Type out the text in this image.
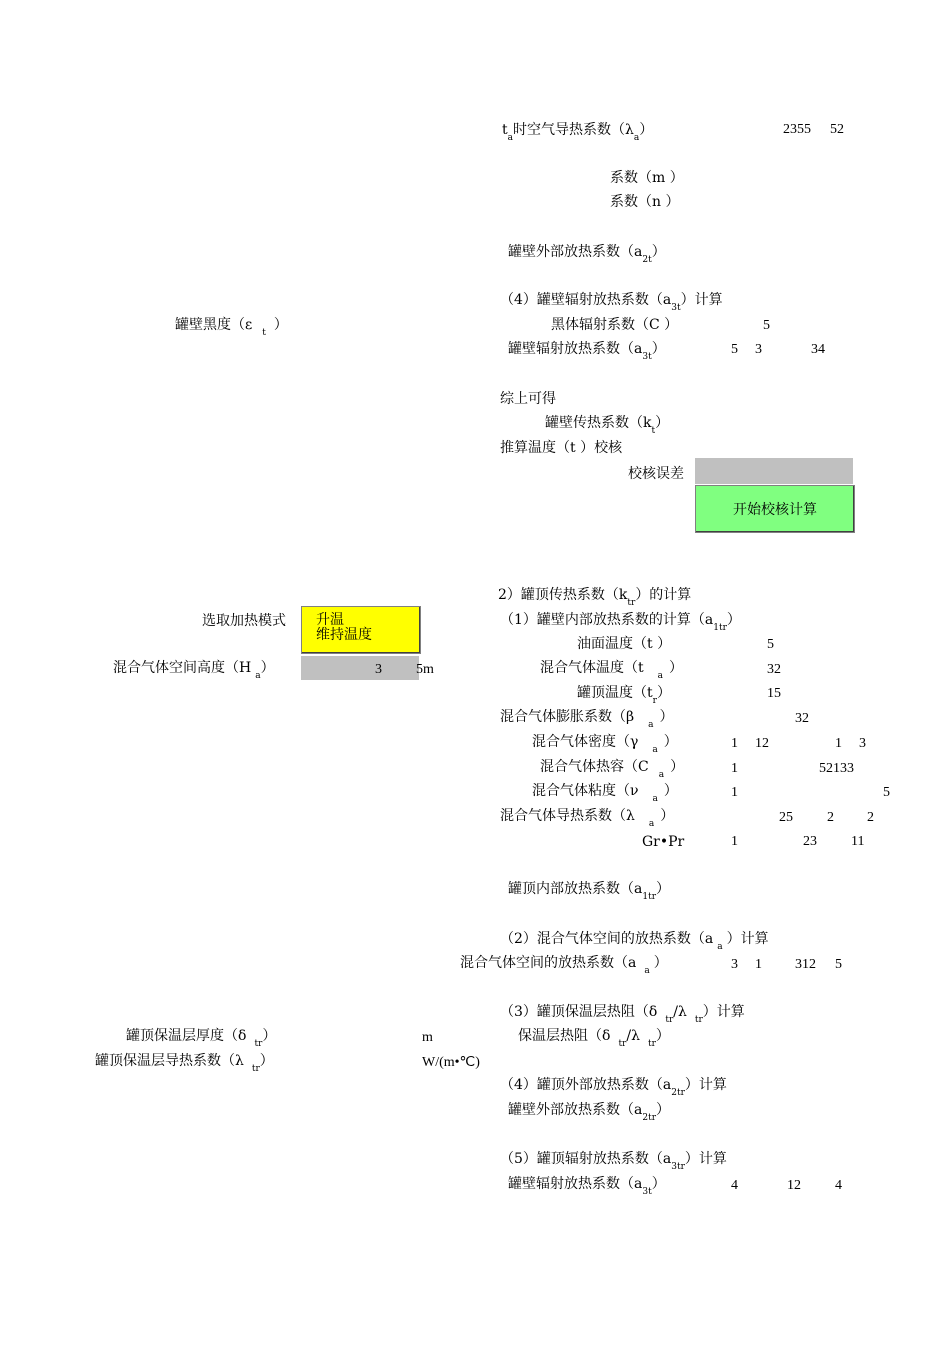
$t_a$时空气导热系数$(\lambda_a)$	2355 52
系数（m ）
系数（n ）
罐壁外部放热系数$(a_{2t})$
（4）罐壁辐射放热系数$(a_{3t})$计算
黑体辐射系数（C ）	5
罐壁黑度（ε $_t$ ）
罐壁辐射放热系数$(a_{3t})$	5 3	34
综上可得
罐壁传热系数$(k_t)$
推算温度（t ）校核
校核误差
开始校核计算
2）罐顶传热系数$(k_{tr})$的计算
（1）罐壁内部放热系数的计算$(a_{1tr})$
选取加热模式 升温
维持温度
油面温度（t ）	5
混合气体空间高度（H $_a$）	3 5m	混合气体温度（t $_a$ ）	32
罐顶温度$(t_r)$	15
混合气体膨胀系数（β $_a$ ）	32
混合气体密度（γ $_a$ ）	1 12	1 3
混合气体热容（C $_a$ ）	1	52133
混合气体粘度（ν $_a$ ）	1	5
混合气体导热系数（λ $_a$ ）	25 2 2
Gr•Pr	1	23 11
罐顶内部放热系数$(a_{1tr})$
（2）混合气体空间的放热系数（a $_a$ ）计算
混合气体空间的放热系数（a $_a$ ）	3 1 312 5
（3）罐顶保温层热阻（δ $_{tr}$/λ $_{tr}$）计算
罐顶保温层厚度（δ $_{tr}$）	m	保温层热阻（δ $_{tr}$/λ $_{tr}$）
罐顶保温层导热系数（λ $_{tr}$）	W/(m•℃)
（4）罐顶外部放热系数$(a_{2tr})$计算
罐壁外部放热系数$(a_{2tr})$
（5）罐顶辐射放热系数$(a_{3tr})$计算
罐壁辐射放热系数$(a_{3t})$	4	12 4
